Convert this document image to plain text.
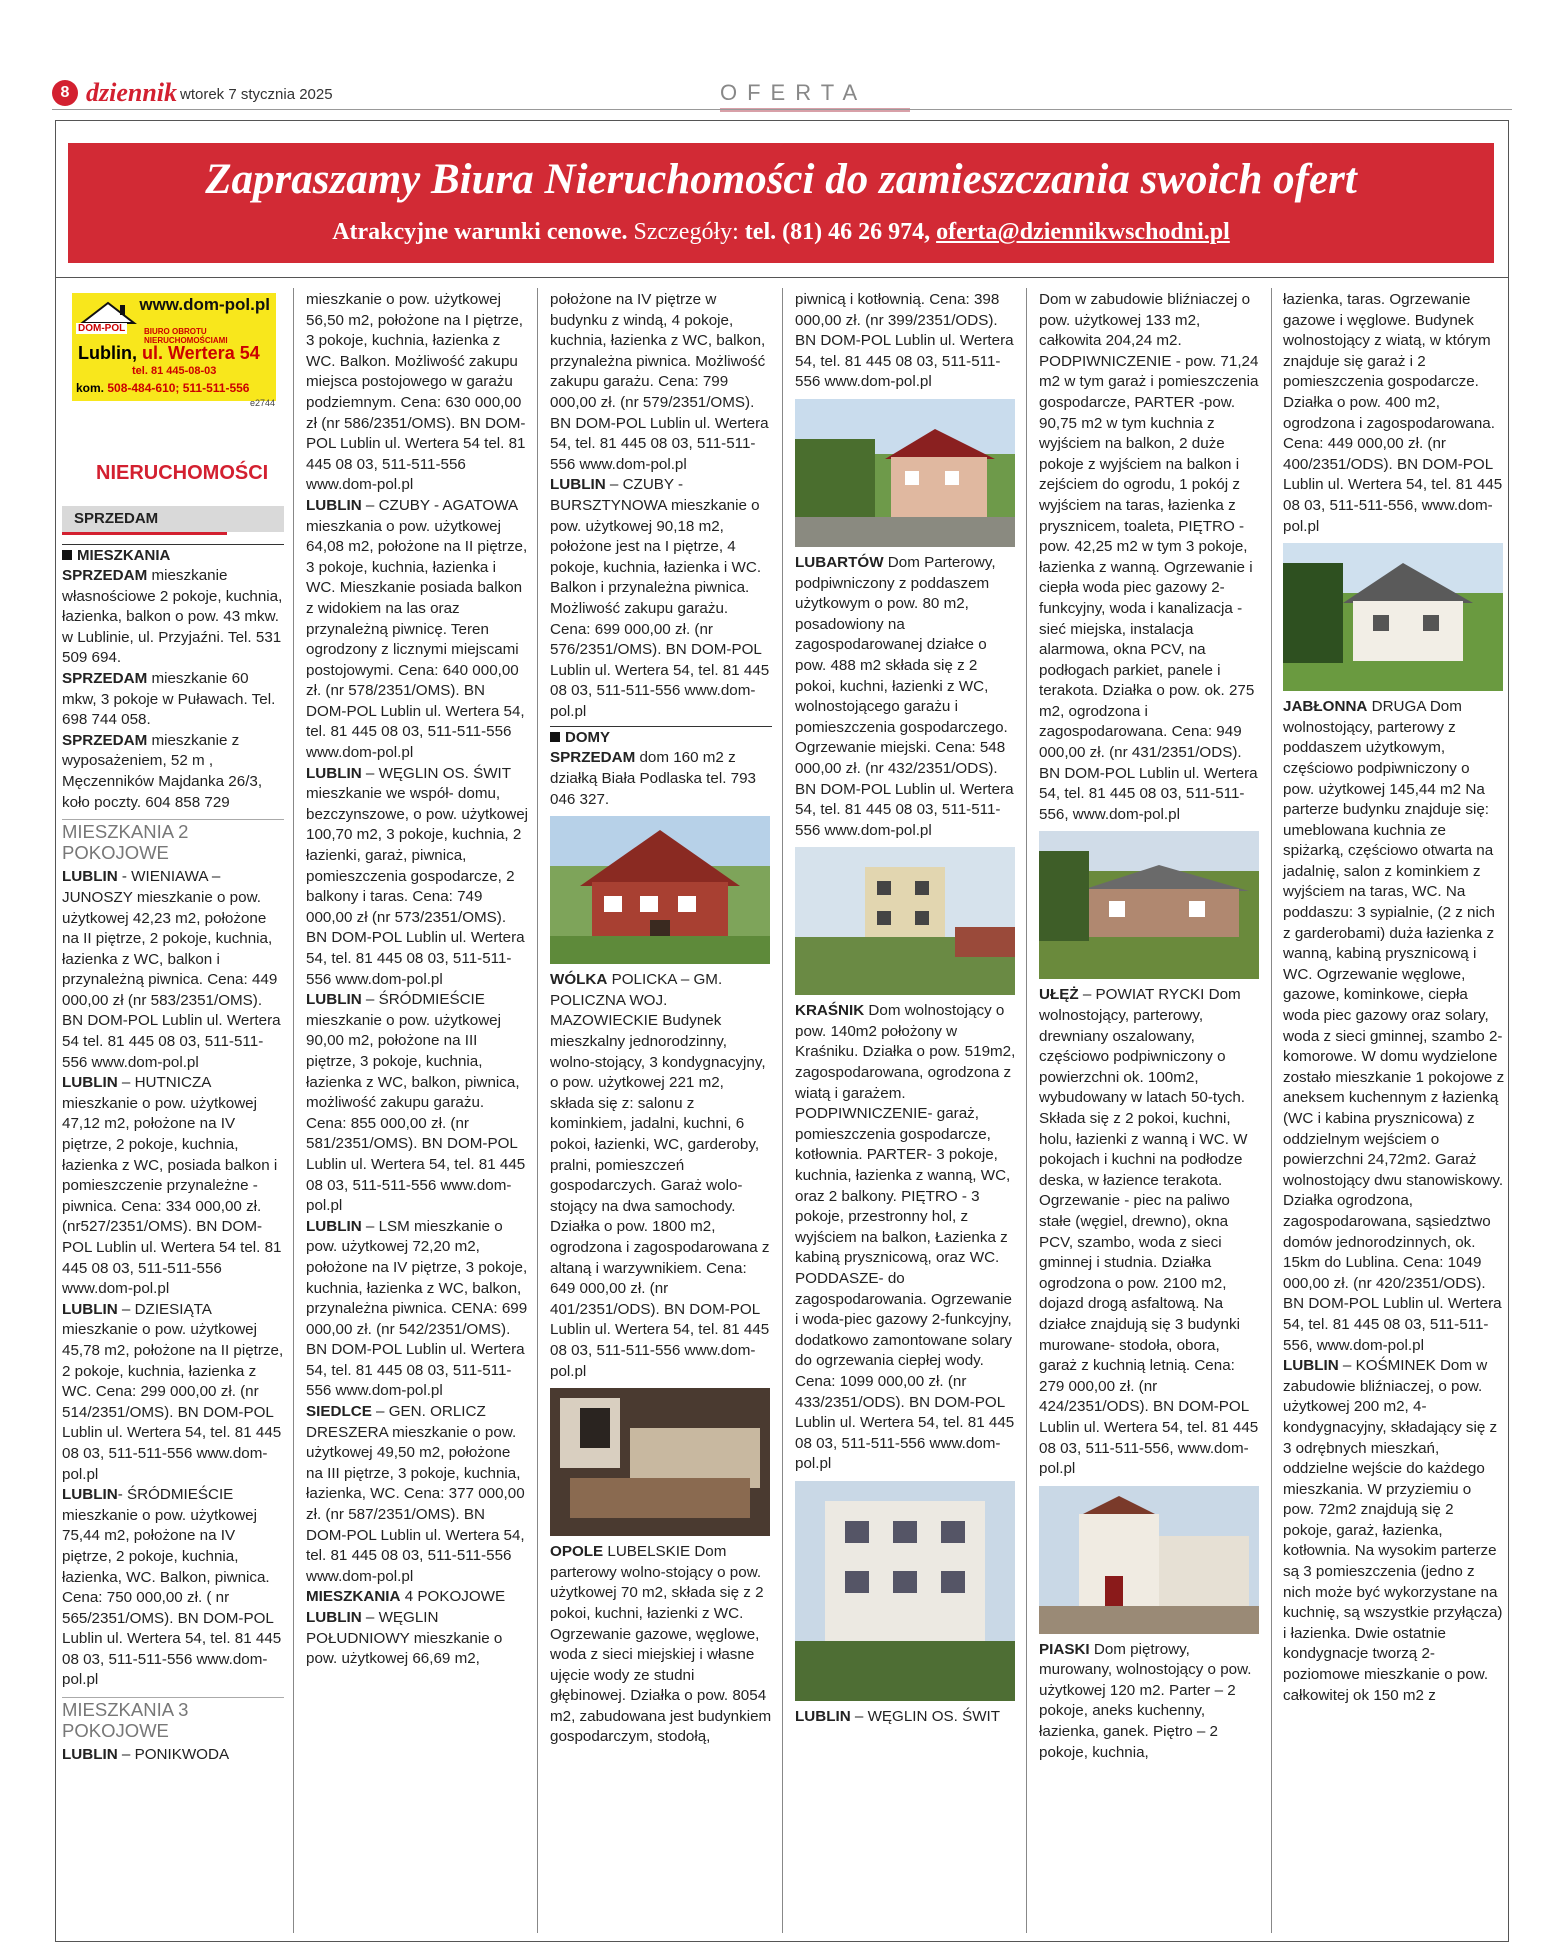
8 dziennik wtorek 7 stycznia 2025	OFERTA
Zapraszamy Biura Nieruchomości do zamieszczania swoich ofert
Atrakcyjne warunki cenowe. Szczegóły: tel. (81) 46 26 974, oferta@dziennikwschodni.pl
www.dom-pol.pl
DOM-POL BIURO OBROTU NIERUCHOMOŚCIAMI
Lublin, ul. Wertera 54
tel. 81 445-08-03
kom. 508-484-610; 511-511-556
e2744
NIERUCHOMOŚCI
SPRZEDAM
MIESZKANIA

SPRZEDAM mieszkanie własnościowe 2 pokoje, kuchnia, łazienka, balkon o pow. 43 mkw. w Lublinie, ul. Przyjaźni. Tel. 531 509 694.

SPRZEDAM mieszkanie 60 mkw, 3 pokoje w Puławach. Tel. 698 744 058.

SPRZEDAM mieszkanie z wyposażeniem, 52 m , Męczenników Majdanka 26/3, koło poczty. 604 858 729

MIESZKANIA 2 POKOJOWE

LUBLIN - WIENIAWA – JUNOSZY mieszkanie o pow. użytkowej 42,23 m2, położone na II piętrze, 2 pokoje, kuchnia, łazienka z WC, balkon i przynależną piwnica. Cena: 449 000,00 zł (nr 583/2351/OMS). BN DOM-POL Lublin ul. Wertera 54 tel. 81 445 08 03, 511-511-556 www.dom-pol.pl

LUBLIN – HUTNICZA mieszkanie o pow. użytkowej 47,12 m2, położone na IV piętrze, 2 pokoje, kuchnia, łazienka z WC, posiada balkon i pomieszczenie przynależne - piwnica. Cena: 334 000,00 zł. (nr527/2351/OMS). BN DOM-POL Lublin ul. Wertera 54 tel. 81 445 08 03, 511-511-556 www.dom-pol.pl

LUBLIN – DZIESIĄTA mieszkanie o pow. użytkowej 45,78 m2, położone na II piętrze, 2 pokoje, kuchnia, łazienka z WC. Cena: 299 000,00 zł. (nr 514/2351/OMS). BN DOM-POL Lublin ul. Wertera 54, tel. 81 445 08 03, 511-511-556 www.dom-pol.pl

LUBLIN- ŚRÓDMIEŚCIE mieszkanie o pow. użytkowej 75,44 m2, położone na IV piętrze, 2 pokoje, kuchnia, łazienka, WC. Balkon, piwnica. Cena: 750 000,00 zł. ( nr 565/2351/OMS). BN DOM-POL Lublin ul. Wertera 54, tel. 81 445 08 03, 511-511-556 www.dom-pol.pl

MIESZKANIA 3 POKOJOWE

LUBLIN – PONIKWODA

mieszkanie o pow. użytkowej 56,50 m2, położone na I piętrze, 3 pokoje, kuchnia, łazienka z WC. Balkon. Możliwość zakupu miejsca postojowego w garażu podziemnym. Cena: 630 000,00 zł (nr 586/2351/OMS). BN DOM-POL Lublin ul. Wertera 54 tel. 81 445 08 03, 511-511-556 www.dom-pol.pl

LUBLIN – CZUBY - AGATOWA mieszkania o pow. użytkowej 64,08 m2, położone na II piętrze, 3 pokoje, kuchnia, łazienka i WC. Mieszkanie posiada balkon z widokiem na las oraz przynależną piwnicę. Teren ogrodzony z licznymi miejscami postojowymi. Cena: 640 000,00 zł. (nr 578/2351/OMS). BN DOM-POL Lublin ul. Wertera 54, tel. 81 445 08 03, 511-511-556 www.dom-pol.pl

LUBLIN – WĘGLIN OS. ŚWIT mieszkanie we współ- domu, bezczynszowe, o pow. użytkowej 100,70 m2, 3 pokoje, kuchnia, 2 łazienki, garaż, piwnica, pomieszczenia gospodarcze, 2 balkony i taras. Cena: 749 000,00 zł (nr 573/2351/OMS). BN DOM-POL Lublin ul. Wertera 54, tel. 81 445 08 03, 511-511-556 www.dom-pol.pl

LUBLIN – ŚRÓDMIEŚCIE mieszkanie o pow. użytkowej 90,00 m2, położone na III piętrze, 3 pokoje, kuchnia, łazienka z WC, balkon, piwnica, możliwość zakupu garażu. Cena: 855 000,00 zł. (nr 581/2351/OMS). BN DOM-POL Lublin ul. Wertera 54, tel. 81 445 08 03, 511-511-556 www.dom-pol.pl

LUBLIN – LSM mieszkanie o pow. użytkowej 72,20 m2, położone na IV piętrze, 3 pokoje, kuchnia, łazienka z WC, balkon, przynależna piwnica. CENA: 699 000,00 zł. (nr 542/2351/OMS). BN DOM-POL Lublin ul. Wertera 54, tel. 81 445 08 03, 511-511-556 www.dom-pol.pl

SIEDLCE – GEN. ORLICZ DRESZERA mieszkanie o pow. użytkowej 49,50 m2, położone na III piętrze, 3 pokoje, kuchnia, łazienka, WC. Cena: 377 000,00 zł. (nr 587/2351/OMS). BN DOM-POL Lublin ul. Wertera 54, tel. 81 445 08 03, 511-511-556 www.dom-pol.pl

MIESZKANIA 4 POKOJOWE

LUBLIN – WĘGLIN POŁUDNIOWY mieszkanie o pow. użytkowej 66,69 m2,

położone na IV piętrze w budynku z windą, 4 pokoje, kuchnia, łazienka z WC, balkon, przynależna piwnica. Możliwość zakupu garażu. Cena: 799 000,00 zł. (nr 579/2351/OMS). BN DOM-POL Lublin ul. Wertera 54, tel. 81 445 08 03, 511-511-556 www.dom-pol.pl

LUBLIN – CZUBY - BURSZTYNOWA mieszkanie o pow. użytkowej 90,18 m2, położone jest na I piętrze, 4 pokoje, kuchnia, łazienka i WC. Balkon i przynależna piwnica. Możliwość zakupu garażu. Cena: 699 000,00 zł. (nr 576/2351/OMS). BN DOM-POL Lublin ul. Wertera 54, tel. 81 445 08 03, 511-511-556 www.dom-pol.pl

DOMY

SPRZEDAM dom 160 m2 z działką Biała Podlaska tel. 793 046 327.

WÓLKA POLICKA – GM. POLICZNA WOJ. MAZOWIECKIE Budynek mieszkalny jednorodzinny, wolno-stojący, 3 kondygnacyjny, o pow. użytkowej 221 m2, składa się z: salonu z kominkiem, jadalni, kuchni, 6 pokoi, łazienki, WC, garderoby, pralni, pomieszczeń gospodarczych. Garaż wolo-stojący na dwa samochody. Działka o pow. 1800 m2, ogrodzona i zagospodarowana z altaną i warzywnikiem. Cena: 649 000,00 zł. (nr 401/2351/ODS). BN DOM-POL Lublin ul. Wertera 54, tel. 81 445 08 03, 511-511-556 www.dom-pol.pl

OPOLE LUBELSKIE Dom parterowy wolno-stojący o pow. użytkowej 70 m2, składa się z 2 pokoi, kuchni, łazienki z WC. Ogrzewanie gazowe, węglowe, woda z sieci miejskiej i własne ujęcie wody ze studni głębinowej. Działka o pow. 8054 m2, zabudowana jest budynkiem gospodarczym, stodołą,

piwnicą i kotłownią. Cena: 398 000,00 zł. (nr 399/2351/ODS). BN DOM-POL Lublin ul. Wertera 54, tel. 81 445 08 03, 511-511-556 www.dom-pol.pl

LUBARTÓW Dom Parterowy, podpiwniczony z poddaszem użytkowym o pow. 80 m2, posadowiony na zagospodarowanej działce o pow. 488 m2 składa się z 2 pokoi, kuchni, łazienki z WC, wolnostojącego garażu i pomieszczenia gospodarczego. Ogrzewanie miejski. Cena: 548 000,00 zł. (nr 432/2351/ODS). BN DOM-POL Lublin ul. Wertera 54, tel. 81 445 08 03, 511-511-556 www.dom-pol.pl

KRAŚNIK Dom wolnostojący o pow. 140m2 położony w Kraśniku. Działka o pow. 519m2, zagospodarowana, ogrodzona z wiatą i garażem. PODPIWNICZENIE- garaż, pomieszczenia gospodarcze, kotłownia. PARTER- 3 pokoje, kuchnia, łazienka z wanną, WC, oraz 2 balkony. PIĘTRO - 3 pokoje, przestronny hol, z wyjściem na balkon, Łazienka z kabiną prysznicową, oraz WC. PODDASZE- do zagospodarowania. Ogrzewanie i woda-piec gazowy 2-funkcyjny, dodatkowo zamontowane solary do ogrzewania ciepłej wody. Cena: 1099 000,00 zł. (nr 433/2351/ODS). BN DOM-POL Lublin ul. Wertera 54, tel. 81 445 08 03, 511-511-556 www.dom-pol.pl

LUBLIN – WĘGLIN OS. ŚWIT

Dom w zabudowie bliźniaczej o pow. użytkowej 133 m2, całkowita 204,24 m2. PODPIWNICZENIE - pow. 71,24 m2 w tym garaż i pomieszczenia gospodarcze, PARTER -pow. 90,75 m2 w tym kuchnia z wyjściem na balkon, 2 duże pokoje z wyjściem na balkon i zejściem do ogrodu, 1 pokój z wyjściem na taras, łazienka z prysznicem, toaleta, PIĘTRO - pow. 42,25 m2 w tym 3 pokoje, łazienka z wanną. Ogrzewanie i ciepła woda piec gazowy 2-funkcyjny, woda i kanalizacja - sieć miejska, instalacja alarmowa, okna PCV, na podłogach parkiet, panele i terakota. Działka o pow. ok. 275 m2, ogrodzona i zagospodarowana. Cena: 949 000,00 zł. (nr 431/2351/ODS). BN DOM-POL Lublin ul. Wertera 54, tel. 81 445 08 03, 511-511-556, www.dom-pol.pl

UŁĘŻ – POWIAT RYCKI Dom wolnostojący, parterowy, drewniany oszalowany, częściowo podpiwniczony o powierzchni ok. 100m2, wybudowany w latach 50-tych. Składa się z 2 pokoi, kuchni, holu, łazienki z wanną i WC. W pokojach i kuchni na podłodze deska, w łazience terakota. Ogrzewanie - piec na paliwo stałe (węgiel, drewno), okna PCV, szambo, woda z sieci gminnej i studnia. Działka ogrodzona o pow. 2100 m2, dojazd drogą asfaltową. Na działce znajdują się 3 budynki murowane- stodoła, obora, garaż z kuchnią letnią. Cena: 279 000,00 zł. (nr 424/2351/ODS). BN DOM-POL Lublin ul. Wertera 54, tel. 81 445 08 03, 511-511-556, www.dom-pol.pl

PIASKI Dom piętrowy, murowany, wolnostojący o pow. użytkowej 120 m2. Parter – 2 pokoje, aneks kuchenny, łazienka, ganek. Piętro – 2 pokoje, kuchnia,

łazienka, taras. Ogrzewanie gazowe i węglowe. Budynek wolnostojący z wiatą, w którym znajduje się garaż i 2 pomieszczenia gospodarcze. Działka o pow. 400 m2, ogrodzona i zagospodarowana. Cena: 449 000,00 zł. (nr 400/2351/ODS). BN DOM-POL Lublin ul. Wertera 54, tel. 81 445 08 03, 511-511-556, www.dom-pol.pl

JABŁONNA DRUGA Dom wolnostojący, parterowy z poddaszem użytkowym, częściowo podpiwniczony o pow. użytkowej 145,44 m2 Na parterze budynku znajduje się: umeblowana kuchnia ze spiżarką, częściowo otwarta na jadalnię, salon z kominkiem z wyjściem na taras, WC. Na poddaszu: 3 sypialnie, (2 z nich z garderobami) duża łazienka z wanną, kabiną prysznicową i WC. Ogrzewanie węglowe, gazowe, kominkowe, ciepła woda piec gazowy oraz solary, woda z sieci gminnej, szambo 2-komorowe. W domu wydzielone zostało mieszkanie 1 pokojowe z aneksem kuchennym z łazienką (WC i kabina prysznicowa) z oddzielnym wejściem o powierzchni 24,72m2. Garaż wolnostojący dwu stanowiskowy. Działka ogrodzona, zagospodarowana, sąsiedztwo domów jednorodzinnych, ok. 15km do Lublina. Cena: 1049 000,00 zł. (nr 420/2351/ODS). BN DOM-POL Lublin ul. Wertera 54, tel. 81 445 08 03, 511-511-556, www.dom-pol.pl

LUBLIN – KOŚMINEK Dom w zabudowie bliźniaczej, o pow. użytkowej 200 m2, 4-kondygnacyjny, składający się z 3 odrębnych mieszkań, oddzielne wejście do każdego mieszkania. W przyziemiu o pow. 72m2 znajdują się 2 pokoje, garaż, łazienka, kotłownia. Na wysokim parterze są 3 pomieszczenia (jedno z nich może być wykorzystane na kuchnię, są wszystkie przyłącza) i łazienka. Dwie ostatnie kondygnacje tworzą 2-poziomowe mieszkanie o pow. całkowitej ok 150 m2 z
